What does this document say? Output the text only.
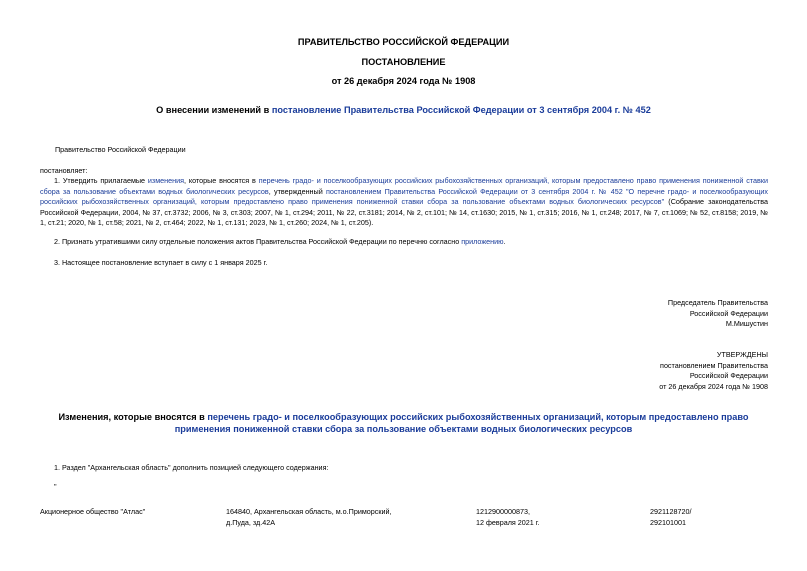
ПРАВИТЕЛЬСТВО РОССИЙСКОЙ ФЕДЕРАЦИИ
ПОСТАНОВЛЕНИЕ
от 26 декабря 2024 года № 1908
О внесении изменений в постановление Правительства Российской Федерации от 3 сентября 2004 г. № 452
Правительство Российской Федерации
постановляет:
1. Утвердить прилагаемые изменения, которые вносятся в перечень градо- и поселкообразующих российских рыбохозяйственных организаций, которым предоставлено право применения пониженной ставки сбора за пользование объектами водных биологических ресурсов, утвержденный постановлением Правительства Российской Федерации от 3 сентября 2004 г. № 452 "О перечне градо- и поселкообразующих российских рыбохозяйственных организаций, которым предоставлено право применения пониженной ставки сбора за пользование объектами водных биологических ресурсов" (Собрание законодательства Российской Федерации, 2004, № 37, ст.3732; 2006, № 3, ст.303; 2007, № 1, ст.294; 2011, № 22, ст.3181; 2014, № 2, ст.101; № 14, ст.1630; 2015, № 1, ст.315; 2016, № 1, ст.248; 2017, № 7, ст.1069; № 52, ст.8158; 2019, № 1, ст.21; 2020, № 1, ст.58; 2021, № 2, ст.464; 2022, № 1, ст.131; 2023, № 1, ст.260; 2024, № 1, ст.205).
2. Признать утратившими силу отдельные положения актов Правительства Российской Федерации по перечню согласно приложению.
3. Настоящее постановление вступает в силу с 1 января 2025 г.
Председатель Правительства
Российской Федерации
М.Мишустин
УТВЕРЖДЕНЫ
постановлением Правительства
Российской Федерации
от 26 декабря 2024 года № 1908
Изменения, которые вносятся в перечень градо- и поселкообразующих российских рыбохозяйственных организаций, которым предоставлено право применения пониженной ставки сбора за пользование объектами водных биологических ресурсов
1. Раздел "Архангельская область" дополнить позицией следующего содержания:
"
Акционерное общество "Атлас"	164840, Архангельская область, м.о.Приморский,
д.Пуда, зд.42А
1212900000873,
12 февраля 2021 г.
2921128720/
292101001
